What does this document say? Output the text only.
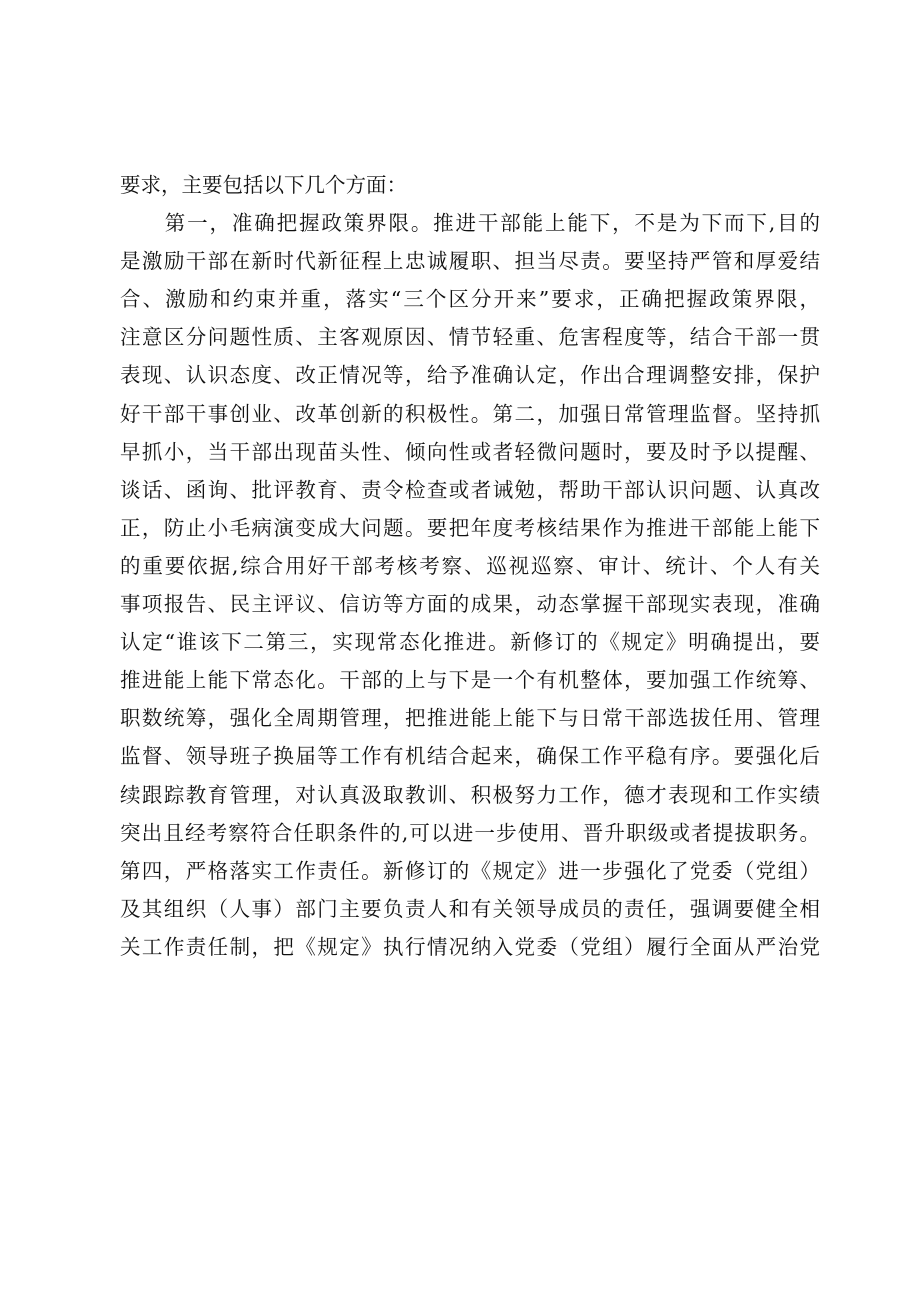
要求，主要包括以下几个方面：
　　第一，准确把握政策界限。推进干部能上能下，不是为下而下,目的
是激励干部在新时代新征程上忠诚履职、担当尽责。要坚持严管和厚爱结
合、激励和约束并重，落实“三个区分开来”要求，正确把握政策界限，
注意区分问题性质、主客观原因、情节轻重、危害程度等，结合干部一贯
表现、认识态度、改正情况等，给予准确认定，作出合理调整安排，保护
好干部干事创业、改革创新的积极性。第二，加强日常管理监督。坚持抓
早抓小，当干部出现苗头性、倾向性或者轻微问题时，要及时予以提醒、
谈话、函询、批评教育、责令检查或者诫勉，帮助干部认识问题、认真改
正，防止小毛病演变成大问题。要把年度考核结果作为推进干部能上能下
的重要依据,综合用好干部考核考察、巡视巡察、审计、统计、个人有关
事项报告、民主评议、信访等方面的成果，动态掌握干部现实表现，准确
认定“谁该下二第三，实现常态化推进。新修订的《规定》明确提出，要
推进能上能下常态化。干部的上与下是一个有机整体，要加强工作统筹、
职数统筹，强化全周期管理，把推进能上能下与日常干部选拔任用、管理
监督、领导班子换届等工作有机结合起来，确保工作平稳有序。要强化后
续跟踪教育管理，对认真汲取教训、积极努力工作，德才表现和工作实绩
突出且经考察符合任职条件的,可以进一步使用、晋升职级或者提拔职务。
第四，严格落实工作责任。新修订的《规定》进一步强化了党委（党组）
及其组织（人事）部门主要负责人和有关领导成员的责任，强调要健全相
关工作责任制，把《规定》执行情况纳入党委（党组）履行全面从严治党
